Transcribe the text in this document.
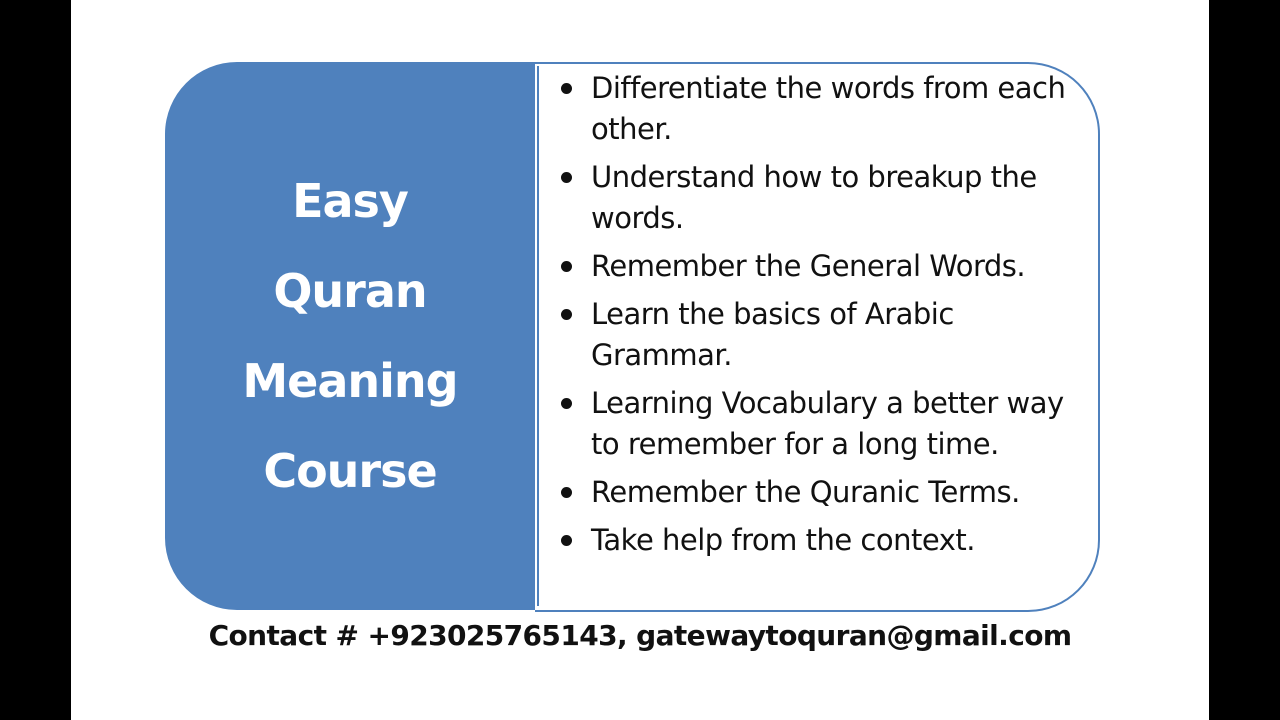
Easy
Quran
Meaning
Course
Differentiate the words from each other.
Understand how to breakup the words.
Remember the General Words.
Learn the basics of Arabic Grammar.
Learning Vocabulary a better way to remember for a long time.
Remember the Quranic Terms.
Take help from the context.
Contact # +923025765143, gatewaytoquran@gmail.com
